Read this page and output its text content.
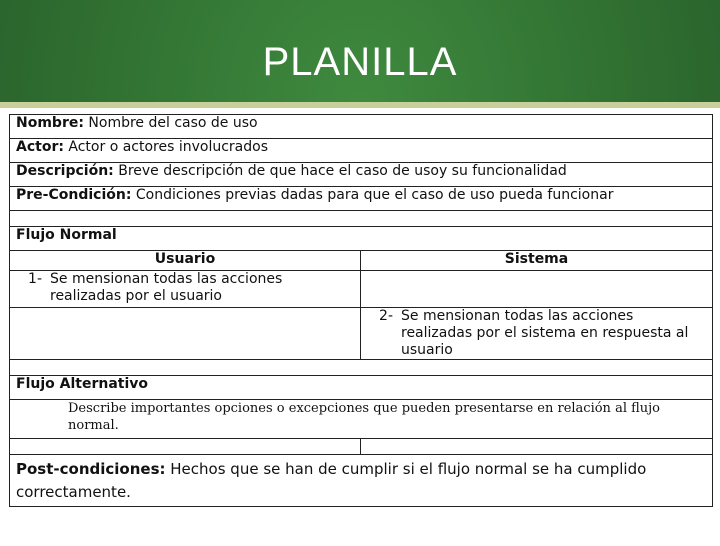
PLANILLA
Nombre: Nombre del caso de uso	
Actor: Actor o actores involucrados	
Descripción: Breve descripción de que hace el caso de usoy su funcionalidad	
Pre-Condición: Condiciones previas dadas para que el caso de uso pueda funcionar	

Flujo Normal	
Usuario	Sistema

1- Se mensionan todas las acciones realizadas por el usuario	

	2- Se mensionan todas las acciones realizadas por el sistema en respuesta al usuario

Flujo Alternativo	
Describe importantes opciones o excepciones que pueden presentarse en relación al flujo normal.	

Post-condiciones: Hechos que se han de cumplir si el flujo normal se ha cumplido correctamente.	
fppt.com
